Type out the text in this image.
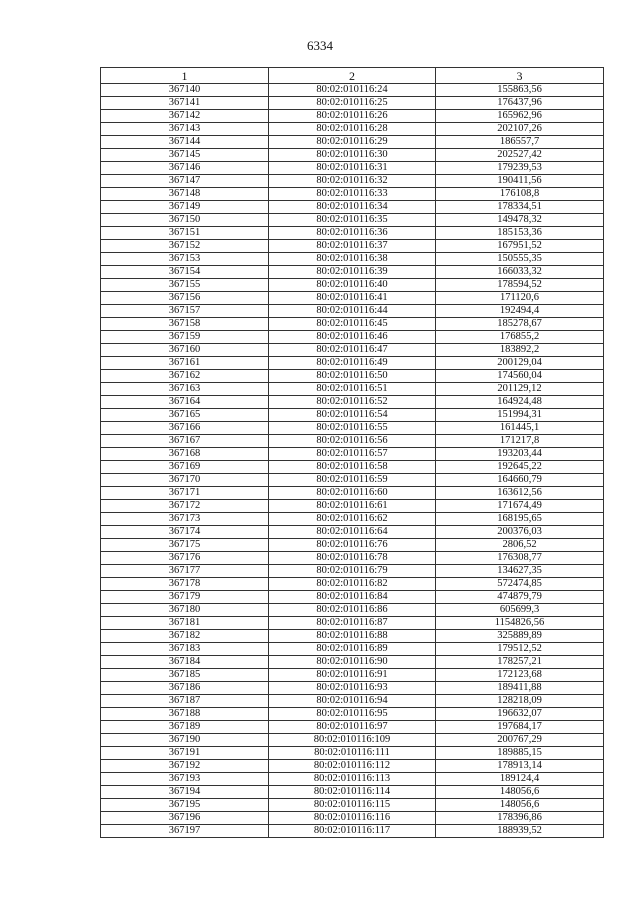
6334
1	2	3
367140	80:02:010116:24	155863,56
367141	80:02:010116:25	176437,96
367142	80:02:010116:26	165962,96
367143	80:02:010116:28	202107,26
367144	80:02:010116:29	186557,7
367145	80:02:010116:30	202527,42
367146	80:02:010116:31	179239,53
367147	80:02:010116:32	190411,56
367148	80:02:010116:33	176108,8
367149	80:02:010116:34	178334,51
367150	80:02:010116:35	149478,32
367151	80:02:010116:36	185153,36
367152	80:02:010116:37	167951,52
367153	80:02:010116:38	150555,35
367154	80:02:010116:39	166033,32
367155	80:02:010116:40	178594,52
367156	80:02:010116:41	171120,6
367157	80:02:010116:44	192494,4
367158	80:02:010116:45	185278,67
367159	80:02:010116:46	176855,2
367160	80:02:010116:47	183892,2
367161	80:02:010116:49	200129,04
367162	80:02:010116:50	174560,04
367163	80:02:010116:51	201129,12
367164	80:02:010116:52	164924,48
367165	80:02:010116:54	151994,31
367166	80:02:010116:55	161445,1
367167	80:02:010116:56	171217,8
367168	80:02:010116:57	193203,44
367169	80:02:010116:58	192645,22
367170	80:02:010116:59	164660,79
367171	80:02:010116:60	163612,56
367172	80:02:010116:61	171674,49
367173	80:02:010116:62	168195,65
367174	80:02:010116:64	200376,03
367175	80:02:010116:76	2806,52
367176	80:02:010116:78	176308,77
367177	80:02:010116:79	134627,35
367178	80:02:010116:82	572474,85
367179	80:02:010116:84	474879,79
367180	80:02:010116:86	605699,3
367181	80:02:010116:87	1154826,56
367182	80:02:010116:88	325889,89
367183	80:02:010116:89	179512,52
367184	80:02:010116:90	178257,21
367185	80:02:010116:91	172123,68
367186	80:02:010116:93	189411,88
367187	80:02:010116:94	128218,09
367188	80:02:010116:95	196632,07
367189	80:02:010116:97	197684,17
367190	80:02:010116:109	200767,29
367191	80:02:010116:111	189885,15
367192	80:02:010116:112	178913,14
367193	80:02:010116:113	189124,4
367194	80:02:010116:114	148056,6
367195	80:02:010116:115	148056,6
367196	80:02:010116:116	178396,86
367197	80:02:010116:117	188939,52
